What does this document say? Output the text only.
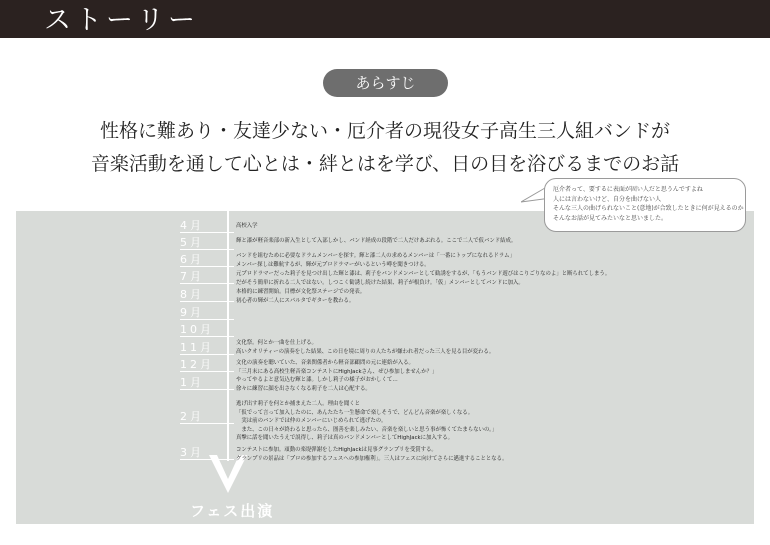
ストーリー
あらすじ
性格に難あり・友達少ない・厄介者の現役女子高生三人組バンドが
音楽活動を通して心とは・絆とはを学び、日の目を浴びるまでのお話
厄介者って、要するに表面が固い人だと思うんですよね
人には言わないけど、自分を曲げない人
そんな三人の曲げられないこと(意地)が合致したときに何が見えるのか
そんなお話が見てみたいなと思いました。
4月
5月
6月
7月
8月
9月
10月
11月
12月
1月
2月
3月
高校入学
輝と漆が軽音楽部の新入生として入部しかし、バンド経成の段階で二人だけあぶれる。ここで二人で仮バンド結成。
バンドを組むために必要なドラムメンバーを探す。輝と漆二人の求めるメンバーは「一番にトップになれるドラム」
メンバー探しは難航するが、輝が元プロドラマーがいるという噂を聞きつける。
元プロドラマーだった莉子を見つけ出した輝と漆は、莉子をバンドメンバーとして勧誘をするが、「もうバンド遊びはこりごりなのよ」と断られてしまう。
だがそう簡単に折れる二人ではない。しつこく勧誘し続けた結果、莉子が根負け。「仮」メンバーとしてバンドに加入。
本格的に練習開始。目標が文化祭ステージでの発表。
初心者の輝が二人にスパルタでギターを教わる。
文化祭。何とか一曲を仕上げる。
高いクオリティーの演奏をした結果、この日を境に周りの人たちが嫌われ者だった三人を見る目が変わる。
文化の演奏を聴いていた、音楽関係者から軽音部顧問の元に連絡が入る。
「三月末にある高校生軽音楽コンテストにHighJackさん、ぜひ参加しませんか？」
やってやるよと意気込む輝と漆。しかし莉子の様子がおかしくて…
徐々に練習に顔を出さなくなる莉子を二人は心配する。
逃げ出す莉子を何とか捕まえた二人。理由を聞くと
「仮でって言って加入したのに、あんたたち一生懸命で楽しそうで、どんどん音楽が楽しくなる。
　実は前のバンドでは仲のメンバーにいじめられて逃げたの。
　また、この日々が終わると思ったら、圏善を楽しみたい、音楽を楽しいと思う事が怖くてたまらないの。」
真撃に話を聞いたうえで説得し、莉子は真のバンドメンバーとしてHighJackに加入する。
コンテストに参加。頑動の楽堤弾謝をしたHighJackは見事グランプリを受賞する。
グランプリの景品は「プロの参加するフェスへの参加権利」。三人はフェスに向けてさらに邁進することとなる。
フェス出演
